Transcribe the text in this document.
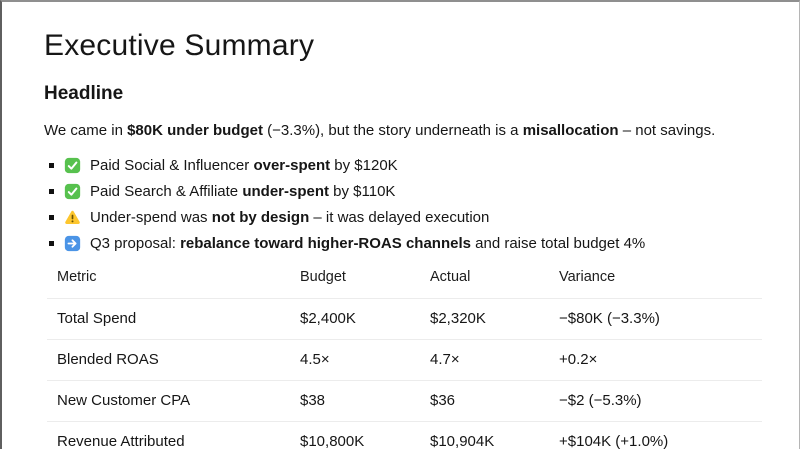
Executive Summary
Headline

We came in $80K under budget (−3.3%), but the story underneath is a misallocation – not savings.

Paid Social & Influencer over-spent by $120K
Paid Search & Affiliate under-spent by $110K
Under-spend was not by design – it was delayed execution
Q3 proposal: rebalance toward higher-ROAS channels and raise total budget 4%
Metric	Budget	Actual	Variance
Total Spend	$2,400K	$2,320K	−$80K (−3.3%)
Blended ROAS	4.5×	4.7×	+0.2×
New Customer CPA	$38	$36	−$2 (−5.3%)
Revenue Attributed	$10,800K	$10,904K	+$104K (+1.0%)
